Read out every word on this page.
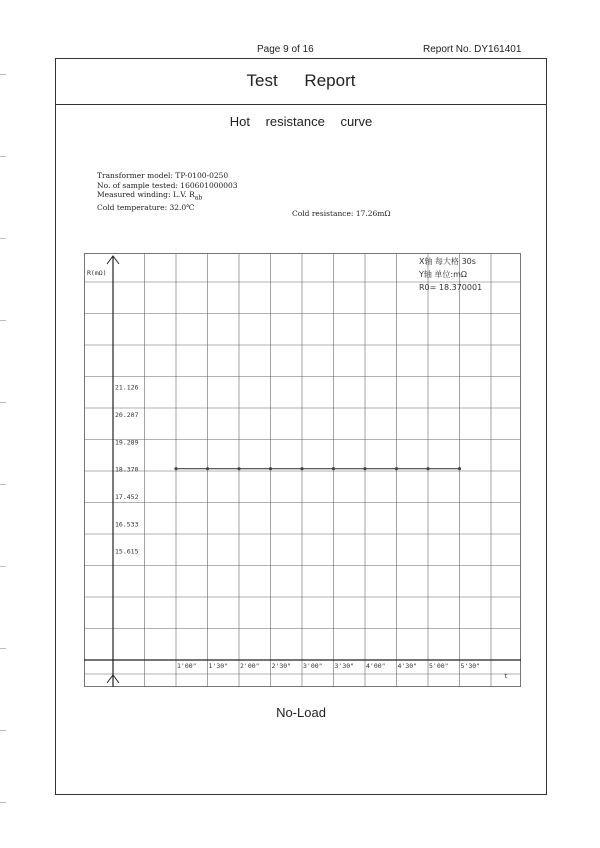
Page 9 of 16	Report No. DY161401
Test Report
Hot resistance curve
Transformer model: TP-0100-0250
No. of sample tested: 160601000003
Measured winding: L.V. $R_{ab}$
Cold temperature: 32.0℃
Cold resistance: 17.26mΩ
No-Load
21.126
20.207
19.289
18.370
17.452
16.533
15.615
1'00" 1'30" 2'00" 2'30" 3'00" 3'30" 4'00" 4'30" 5'00" 5'30"
R(mΩ)
t
X轴 每大格 30s
Y轴 单位:mΩ
R0= 18.370001
